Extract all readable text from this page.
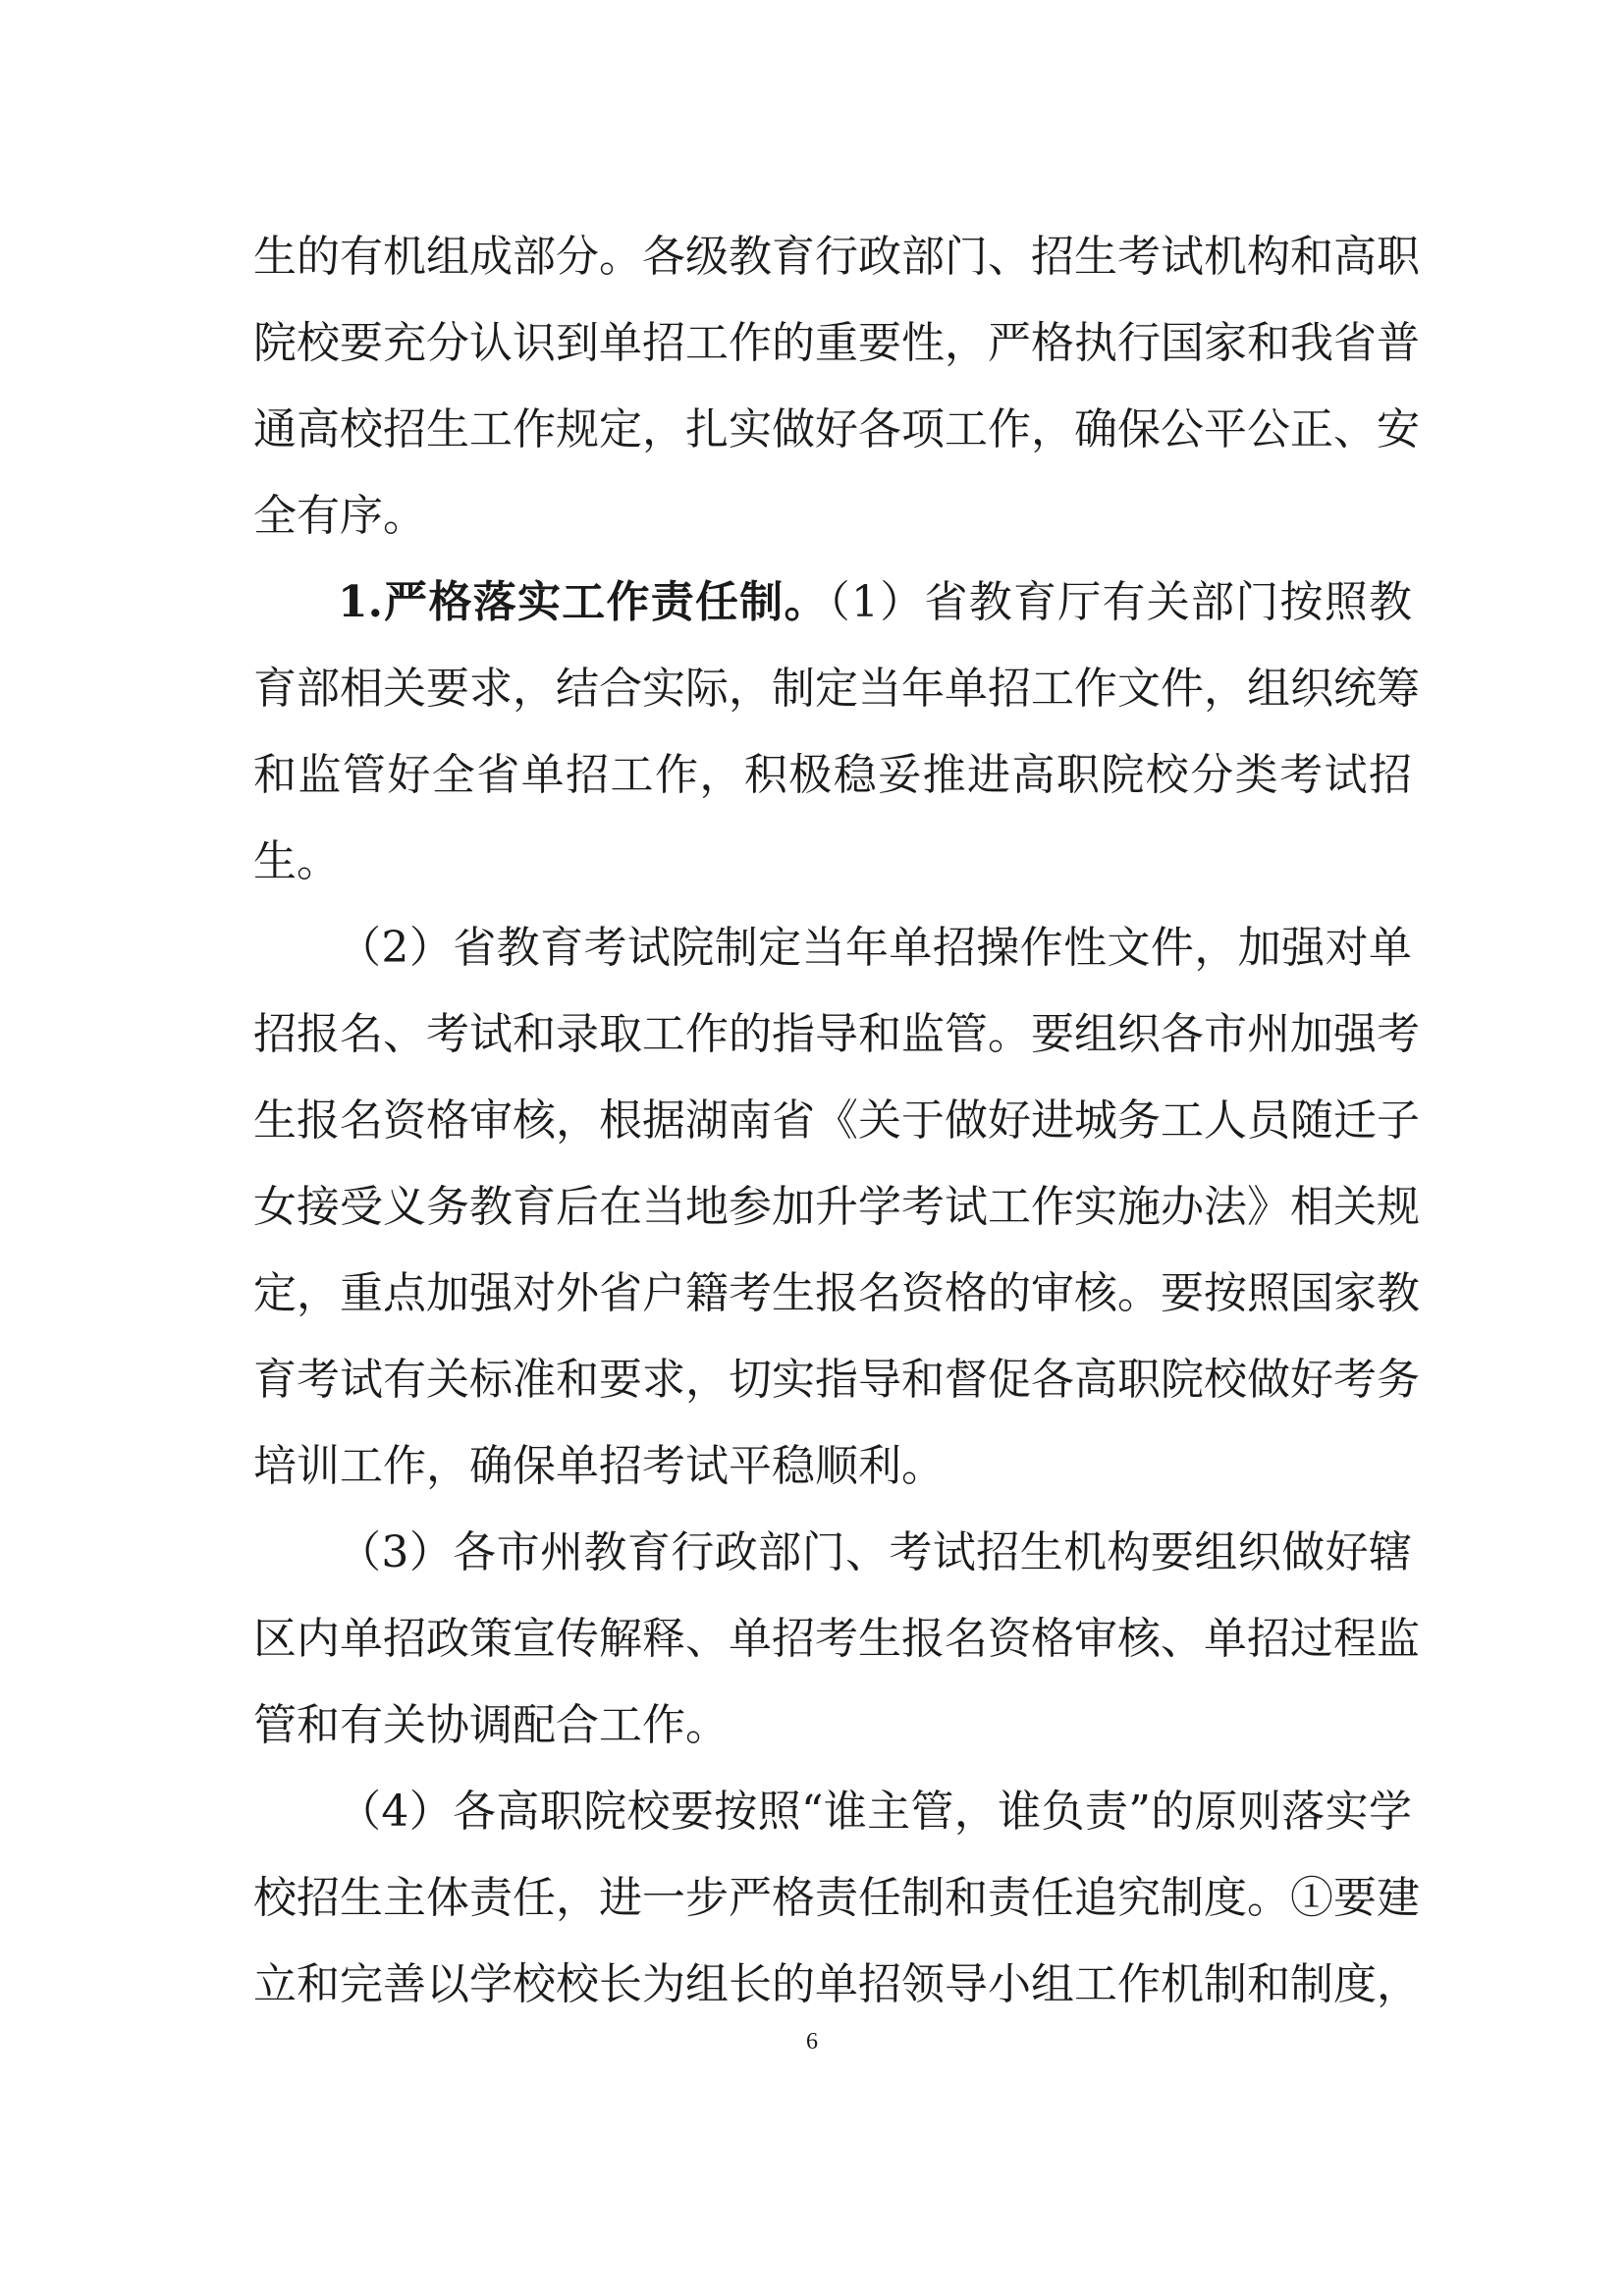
生的有机组成部分。各级教育行政部门、招生考试机构和高职
院校要充分认识到单招工作的重要性，严格执行国家和我省普
通高校招生工作规定，扎实做好各项工作，确保公平公正、安
全有序。
1.严格落实工作责任制。（1）省教育厅有关部门按照教
育部相关要求，结合实际，制定当年单招工作文件，组织统筹
和监管好全省单招工作，积极稳妥推进高职院校分类考试招
生。
（2）省教育考试院制定当年单招操作性文件，加强对单
招报名、考试和录取工作的指导和监管。要组织各市州加强考
生报名资格审核，根据湖南省《关于做好进城务工人员随迁子
女接受义务教育后在当地参加升学考试工作实施办法》相关规
定，重点加强对外省户籍考生报名资格的审核。要按照国家教
育考试有关标准和要求，切实指导和督促各高职院校做好考务
培训工作，确保单招考试平稳顺利。
（3）各市州教育行政部门、考试招生机构要组织做好辖
区内单招政策宣传解释、单招考生报名资格审核、单招过程监
管和有关协调配合工作。
（4）各高职院校要按照“谁主管，谁负责”的原则落实学
校招生主体责任，进一步严格责任制和责任追究制度。①要建
立和完善以学校校长为组长的单招领导小组工作机制和制度，
6
